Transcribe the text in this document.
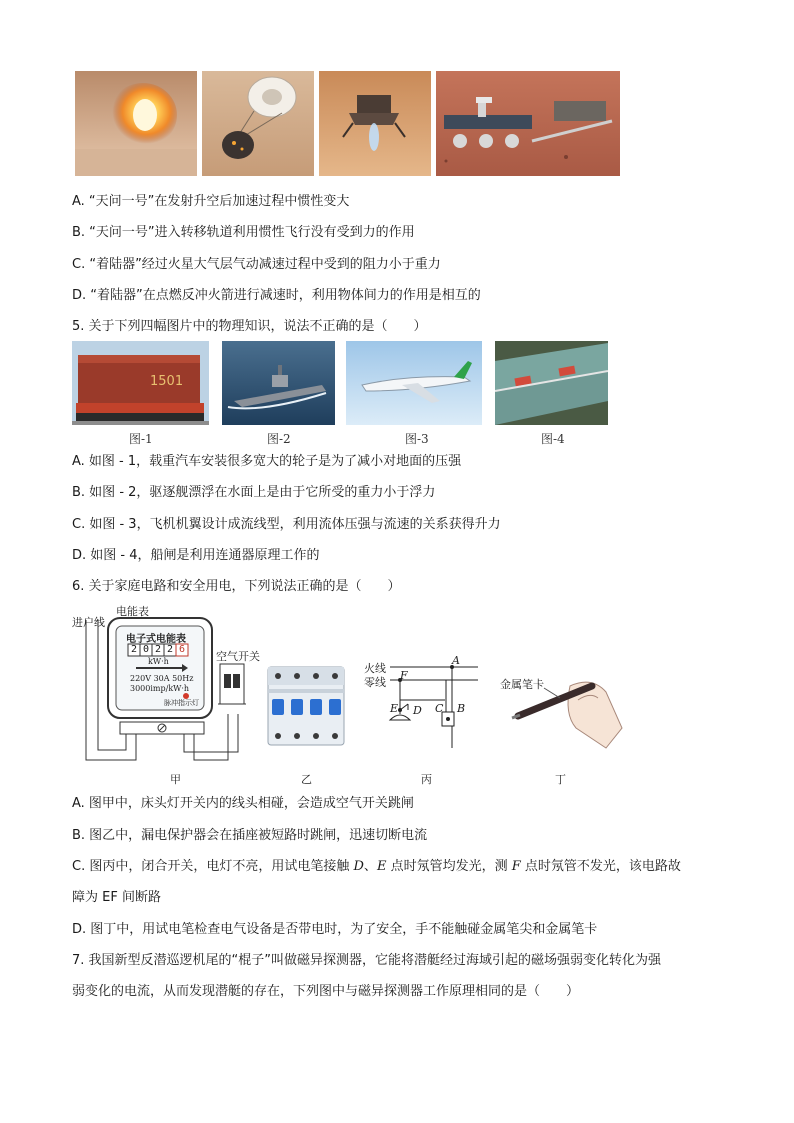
A. “天问一号”在发射升空后加速过程中惯性变大
B. “天问一号”进入转移轨道利用惯性飞行没有受到力的作用
C. “着陆器”经过火星大气层气动减速过程中受到的阻力小于重力
D. “着陆器”在点燃反冲火箭进行减速时，利用物体间力的作用是相互的
5. 关于下列四幅图片中的物理知识，说法不正确的是（　　）
1501
图-1	图-2	图-3	图-4
A. 如图 - 1，载重汽车安装很多宽大的轮子是为了减小对地面的压强
B. 如图 - 2，驱逐舰漂浮在水面上是由于它所受的重力小于浮力
C. 如图 - 3，飞机机翼设计成流线型，利用流体压强与流速的关系获得升力
D. 如图 - 4，船闸是利用连通器原理工作的
6. 关于家庭电路和安全用电，下列说法正确的是（　　）
进户线
电能表
电子式电能表
2 0 2 2 6
kW·h
220V 30A 50Hz
3000imp/kW·h
脉冲指示灯
空气开关
火线
零线
A
F
E D C B
金属笔卡
甲	乙	丙	丁
A. 图甲中，床头灯开关内的线头相碰，会造成空气开关跳闸
B. 图乙中，漏电保护器会在插座被短路时跳闸，迅速切断电流
C. 图丙中，闭合开关，电灯不亮，用试电笔接触 D、E 点时氖管均发光，测 F 点时氖管不发光，该电路故
障为 EF 间断路
D. 图丁中，用试电笔检查电气设备是否带电时，为了安全，手不能触碰金属笔尖和金属笔卡
7. 我国新型反潜巡逻机尾的“棍子”叫做磁异探测器，它能将潜艇经过海域引起的磁场强弱变化转化为强
弱变化的电流，从而发现潜艇的存在，下列图中与磁异探测器工作原理相同的是（　　）
